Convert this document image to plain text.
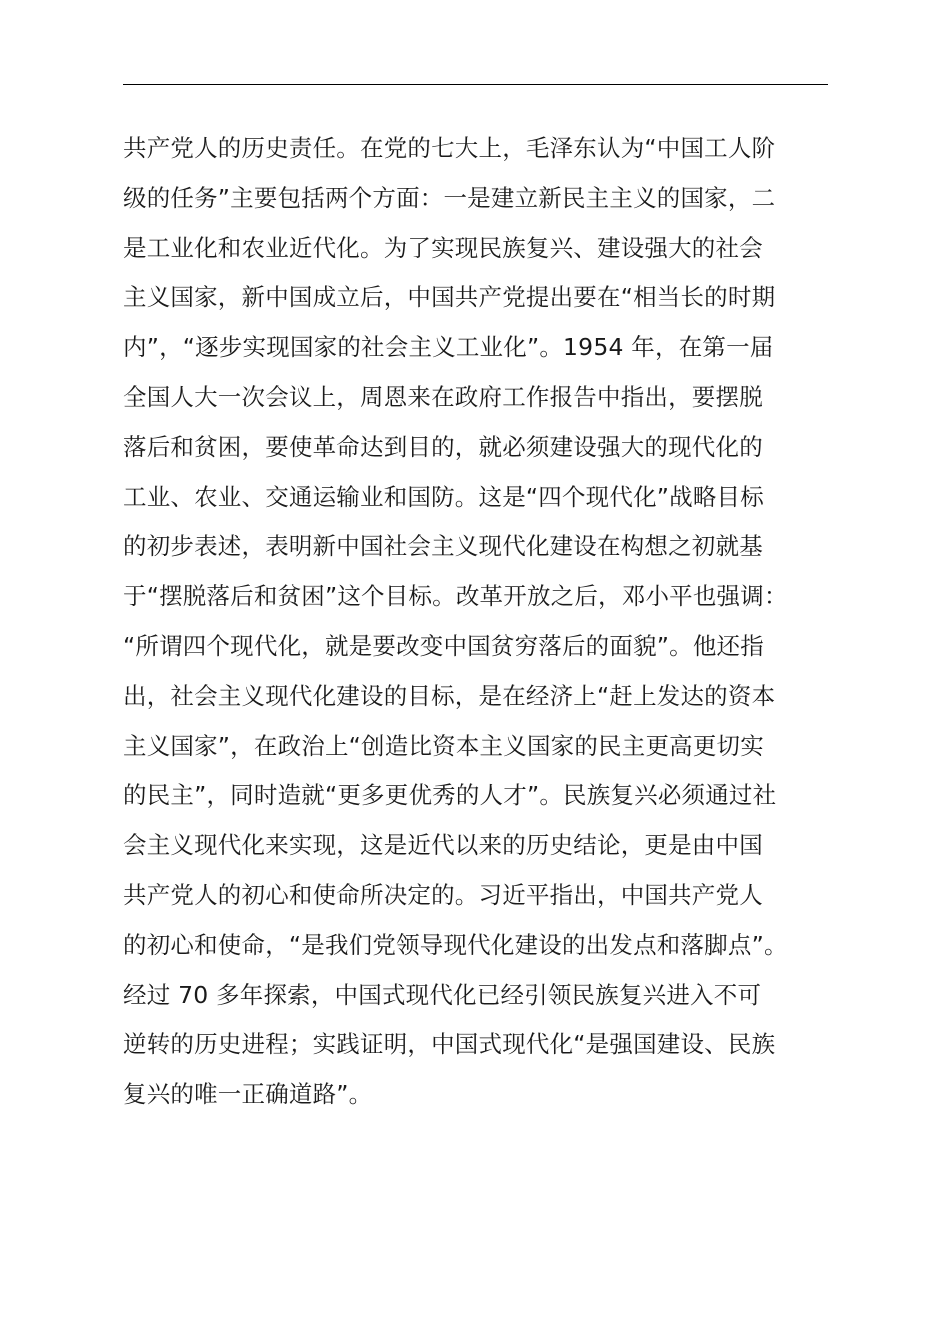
共产党人的历史责任。在党的七大上，毛泽东认为“中国工人阶
级的任务”主要包括两个方面：一是建立新民主主义的国家，二
是工业化和农业近代化。为了实现民族复兴、建设强大的社会
主义国家，新中国成立后，中国共产党提出要在“相当长的时期
内”，“逐步实现国家的社会主义工业化”。1954 年，在第一届
全国人大一次会议上，周恩来在政府工作报告中指出，要摆脱
落后和贫困，要使革命达到目的，就必须建设强大的现代化的
工业、农业、交通运输业和国防。这是“四个现代化”战略目标
的初步表述，表明新中国社会主义现代化建设在构想之初就基
于“摆脱落后和贫困”这个目标。改革开放之后，邓小平也强调：
“所谓四个现代化，就是要改变中国贫穷落后的面貌”。他还指
出，社会主义现代化建设的目标，是在经济上“赶上发达的资本
主义国家”，在政治上“创造比资本主义国家的民主更高更切实
的民主”，同时造就“更多更优秀的人才”。民族复兴必须通过社
会主义现代化来实现，这是近代以来的历史结论，更是由中国
共产党人的初心和使命所决定的。习近平指出，中国共产党人
的初心和使命，“是我们党领导现代化建设的出发点和落脚点”。
经过 70 多年探索，中国式现代化已经引领民族复兴进入不可
逆转的历史进程；实践证明，中国式现代化“是强国建设、民族
复兴的唯一正确道路”。
